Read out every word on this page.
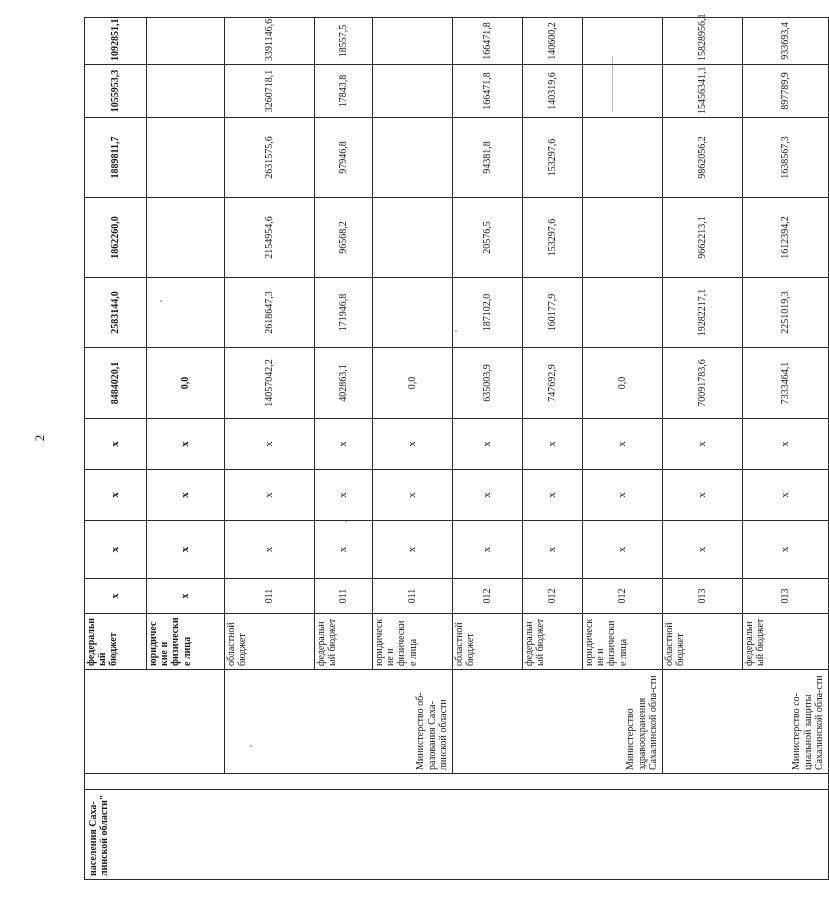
2
населения Саха-линской области"			федеральный бюджет	x	x	x	x	8484020,1	2583144,0	1862260,0	1889811,7	1055953,3	1092851,1
			юридические и физические лица	x	x	x	x	0,0					
		Министерство об-разования Саха-линской области	областной бюджет	011	x	x	x	14057042,2	2618647,3	2154954,6	2631575,6	3260718,1	3391146,6
			федеральный бюджет	011	x	x	x	402863,1	171946,8	96568,2	97946,8	17843,8	18557,5
			юридические и физические лица	011	x	x	x	0,0					
		Министерство здравоохранения Сахалинской обла-сти	областной бюджет	012	x	x	x	635003,9	187102,0	20576,5	94381,8	166471,8	166471,8
			федеральный бюджет	012	x	x	x	747692,9	160177,9	153297,6	153297,6	140319,6	140600,2
			юридические и физические лица	012	x	x	x	0,0					
		Министерство со-циальной защиты Сахалинской обла-сти	областной бюджет	013	x	x	x	70091783,6	19282217,1	9662213,1	9862056,2	15456341,1	15828956,1
			федеральный бюджет	013	x	x	x	7333464,1	2251019,3	1612394,2	1638567,3	897789,9	933693,4
